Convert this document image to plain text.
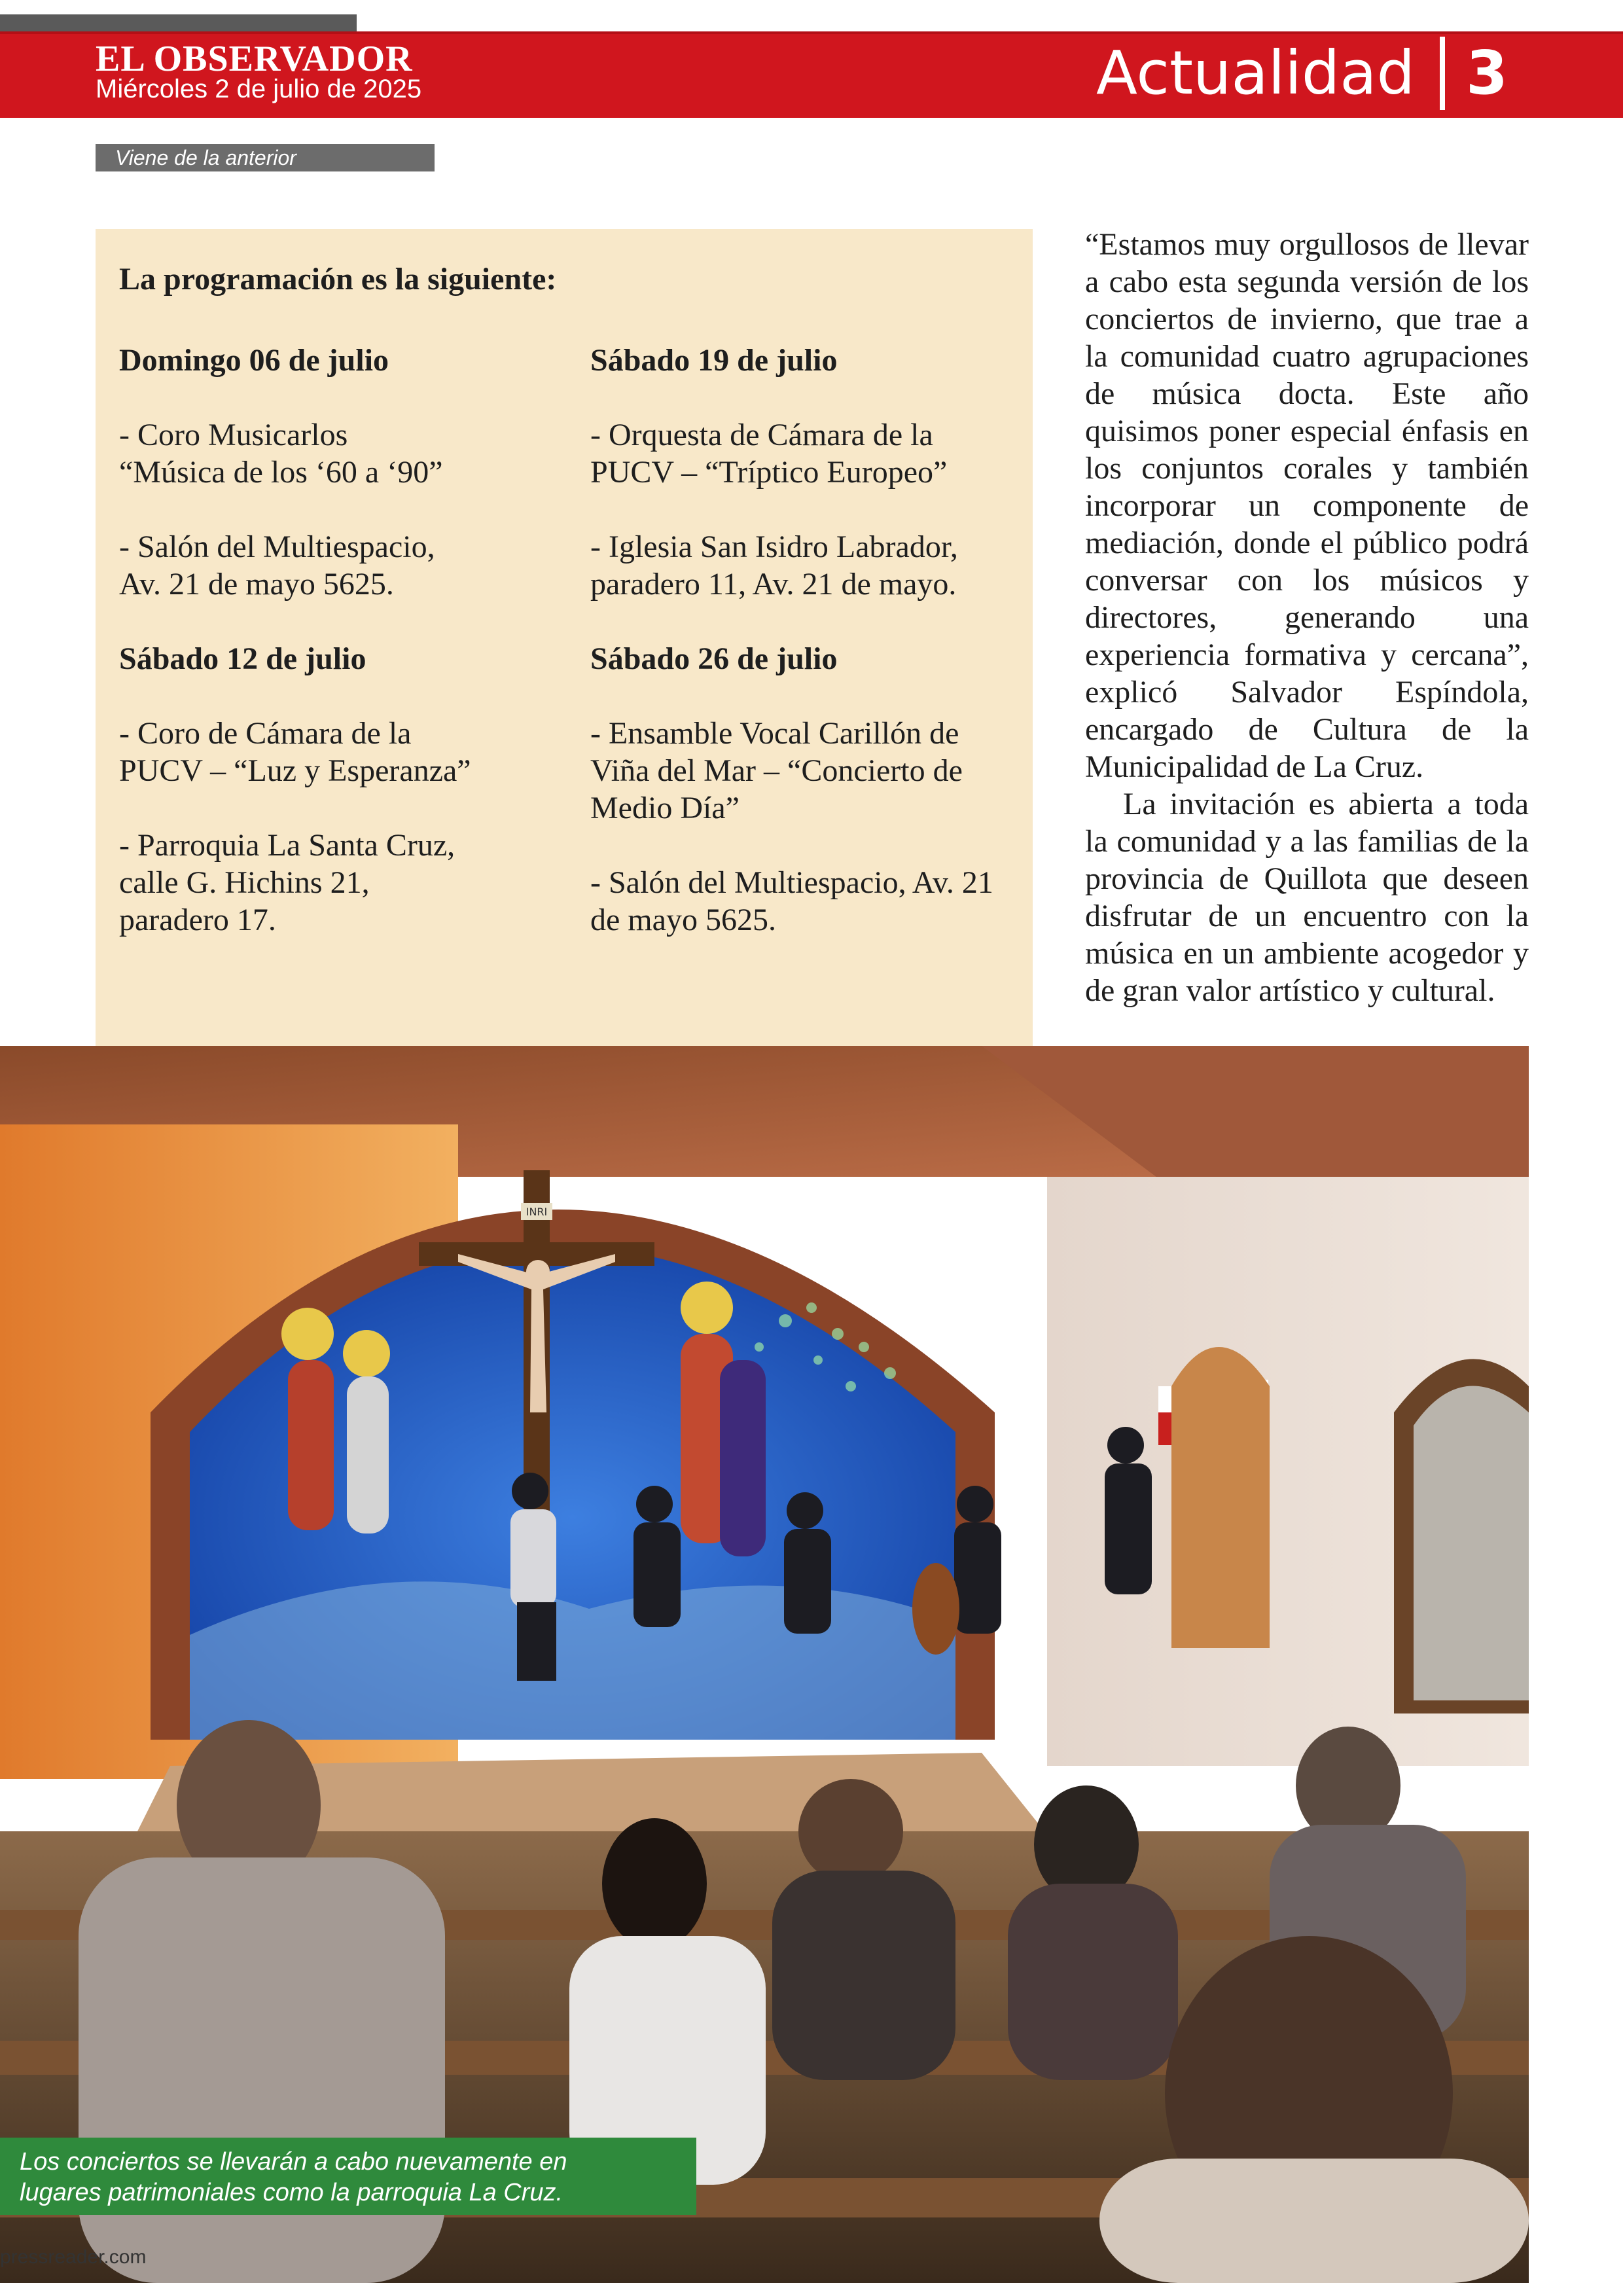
EL OBSERVADOR
Miércoles 2 de julio de 2025	Actualidad 3
Viene de la anterior
La programación es la siguiente:
Domingo 06 de julio
- Coro Musicarlos
“Música de los ‘60 a ‘90”
- Salón del Multiespacio,
Av. 21 de mayo 5625.
Sábado 12 de julio
- Coro de Cámara de la
PUCV – “Luz y Esperanza”
- Parroquia La Santa Cruz,
calle G. Hichins 21,
paradero 17.
Sábado 19 de julio
- Orquesta de Cámara de la
PUCV – “Tríptico Europeo”
- Iglesia San Isidro Labrador,
paradero 11, Av. 21 de mayo.
Sábado 26 de julio
- Ensamble Vocal Carillón de
Viña del Mar – “Concierto de
Medio Día”
- Salón del Multiespacio, Av. 21
de mayo 5625.

“Estamos muy orgullosos de llevar a cabo esta segunda versión de los conciertos de invierno, que trae a la comunidad cuatro agrupaciones de música docta. Este año quisimos poner especial énfasis en los conjuntos corales y también incorporar un componente de mediación, donde el público podrá conversar con los músicos y directores, generando una experiencia formativa y cercana”, explicó Salvador Espíndola, encargado de Cultura de la Municipalidad de La Cruz.

La invitación es abierta a toda la comunidad y a las familias de la provincia de Quillota que deseen disfrutar de un encuentro con la música en un ambiente acogedor y de gran valor artístico y cultural.

INRI
Los conciertos se llevarán a cabo nuevamente en
lugares patrimoniales como la parroquia La Cruz.
pressreader.com
